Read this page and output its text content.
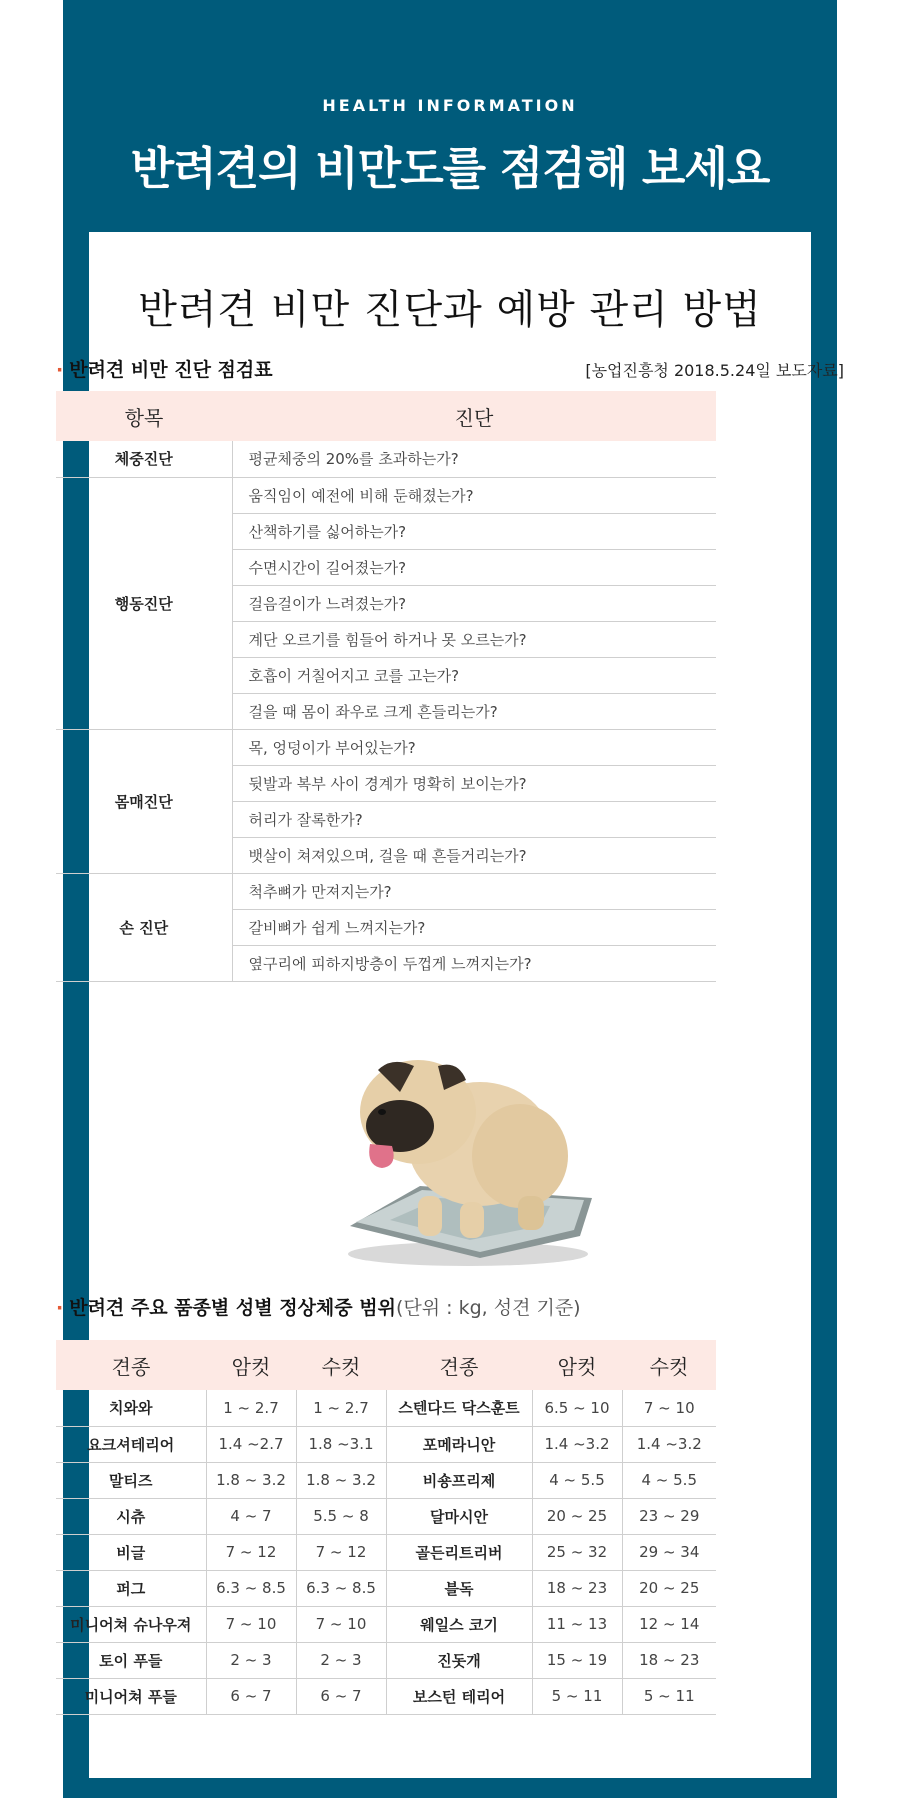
HEALTH INFORMATION
반려견의 비만도를 점검해 보세요
반려견 비만 진단과 예방 관리 방법
· 반려견 비만 진단 점검표	[농업진흥청 2018.5.24일 보도자료]
항목	진단
체중진단	평균체중의 20%를 초과하는가?
행동진단	움직임이 예전에 비해 둔해졌는가?
	산책하기를 싫어하는가?
	수면시간이 길어졌는가?
	걸음걸이가 느려졌는가?
	계단 오르기를 힘들어 하거나 못 오르는가?
	호흡이 거칠어지고 코를 고는가?
	걸을 때 몸이 좌우로 크게 흔들리는가?
몸매진단	목, 엉덩이가 부어있는가?
	뒷발과 복부 사이 경계가 명확히 보이는가?
	허리가 잘록한가?
	뱃살이 쳐져있으며, 걸을 때 흔들거리는가?
손 진단	척추뼈가 만져지는가?
	갈비뼈가 쉽게 느껴지는가?
	옆구리에 피하지방층이 두껍게 느껴지는가?
· 반려견 주요 품종별 성별 정상체중 범위(단위 : kg, 성견 기준)
견종	암컷	수컷	견종	암컷	수컷
치와와	1 ~ 2.7	1 ~ 2.7	스텐다드 닥스훈트	6.5 ~ 10	7 ~ 10
요크셔테리어	1.4 ~2.7	1.8 ~3.1	포메라니안	1.4 ~3.2	1.4 ~3.2
말티즈	1.8 ~ 3.2	1.8 ~ 3.2	비숑프리제	4 ~ 5.5	4 ~ 5.5
시츄	4 ~ 7	5.5 ~ 8	달마시안	20 ~ 25	23 ~ 29
비글	7 ~ 12	7 ~ 12	골든리트리버	25 ~ 32	29 ~ 34
퍼그	6.3 ~ 8.5	6.3 ~ 8.5	블독	18 ~ 23	20 ~ 25
미니어쳐 슈나우져	7 ~ 10	7 ~ 10	웨일스 코기	11 ~ 13	12 ~ 14
토이 푸들	2 ~ 3	2 ~ 3	진돗개	15 ~ 19	18 ~ 23
미니어쳐 푸들	6 ~ 7	6 ~ 7	보스턴 테리어	5 ~ 11	5 ~ 11
